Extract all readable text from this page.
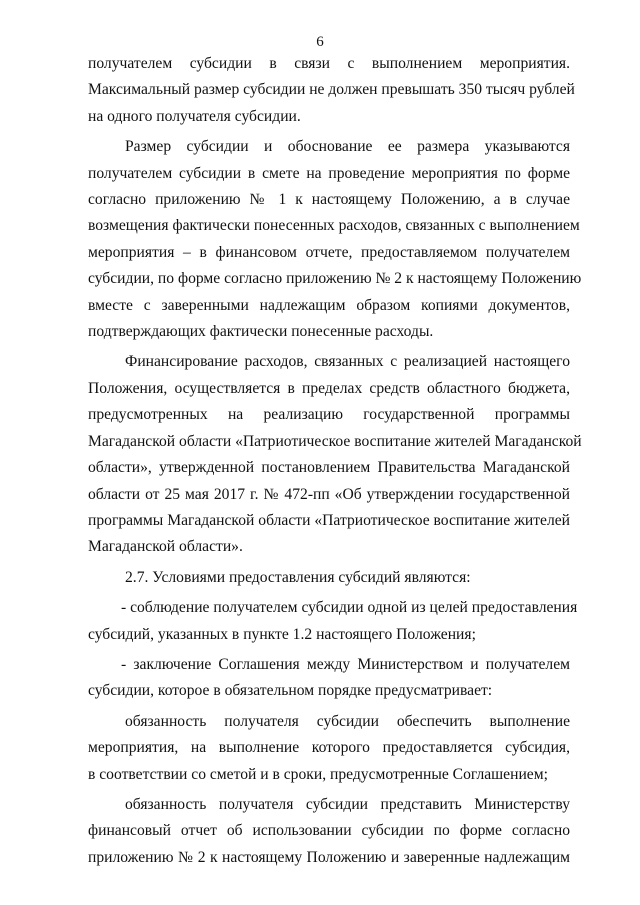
6

получателем субсидии в связи с выполнением мероприятия.
Максимальный размер субсидии не должен превышать 350 тысяч рублей
на одного получателя субсидии.

Размер субсидии и обоснование ее размера указываются
получателем субсидии в смете на проведение мероприятия по форме
согласно приложению № 1 к настоящему Положению, а в случае
возмещения фактически понесенных расходов, связанных с выполнением
мероприятия – в финансовом отчете, предоставляемом получателем
субсидии, по форме согласно приложению № 2 к настоящему Положению
вместе с заверенными надлежащим образом копиями документов,
подтверждающих фактически понесенные расходы.

Финансирование расходов, связанных с реализацией настоящего
Положения, осуществляется в пределах средств областного бюджета,
предусмотренных на реализацию государственной программы
Магаданской области «Патриотическое воспитание жителей Магаданской
области», утвержденной постановлением Правительства Магаданской
области от 25 мая 2017 г. № 472-пп «Об утверждении государственной
программы Магаданской области «Патриотическое воспитание жителей
Магаданской области».

2.7. Условиями предоставления субсидий являются:

- соблюдение получателем субсидии одной из целей предоставления
субсидий, указанных в пункте 1.2 настоящего Положения;

- заключение Соглашения между Министерством и получателем
субсидии, которое в обязательном порядке предусматривает:

обязанность получателя субсидии обеспечить выполнение
мероприятия, на выполнение которого предоставляется субсидия,
в соответствии со сметой и в сроки, предусмотренные Соглашением;

обязанность получателя субсидии представить Министерству
финансовый отчет об использовании субсидии по форме согласно
приложению № 2 к настоящему Положению и заверенные надлежащим
